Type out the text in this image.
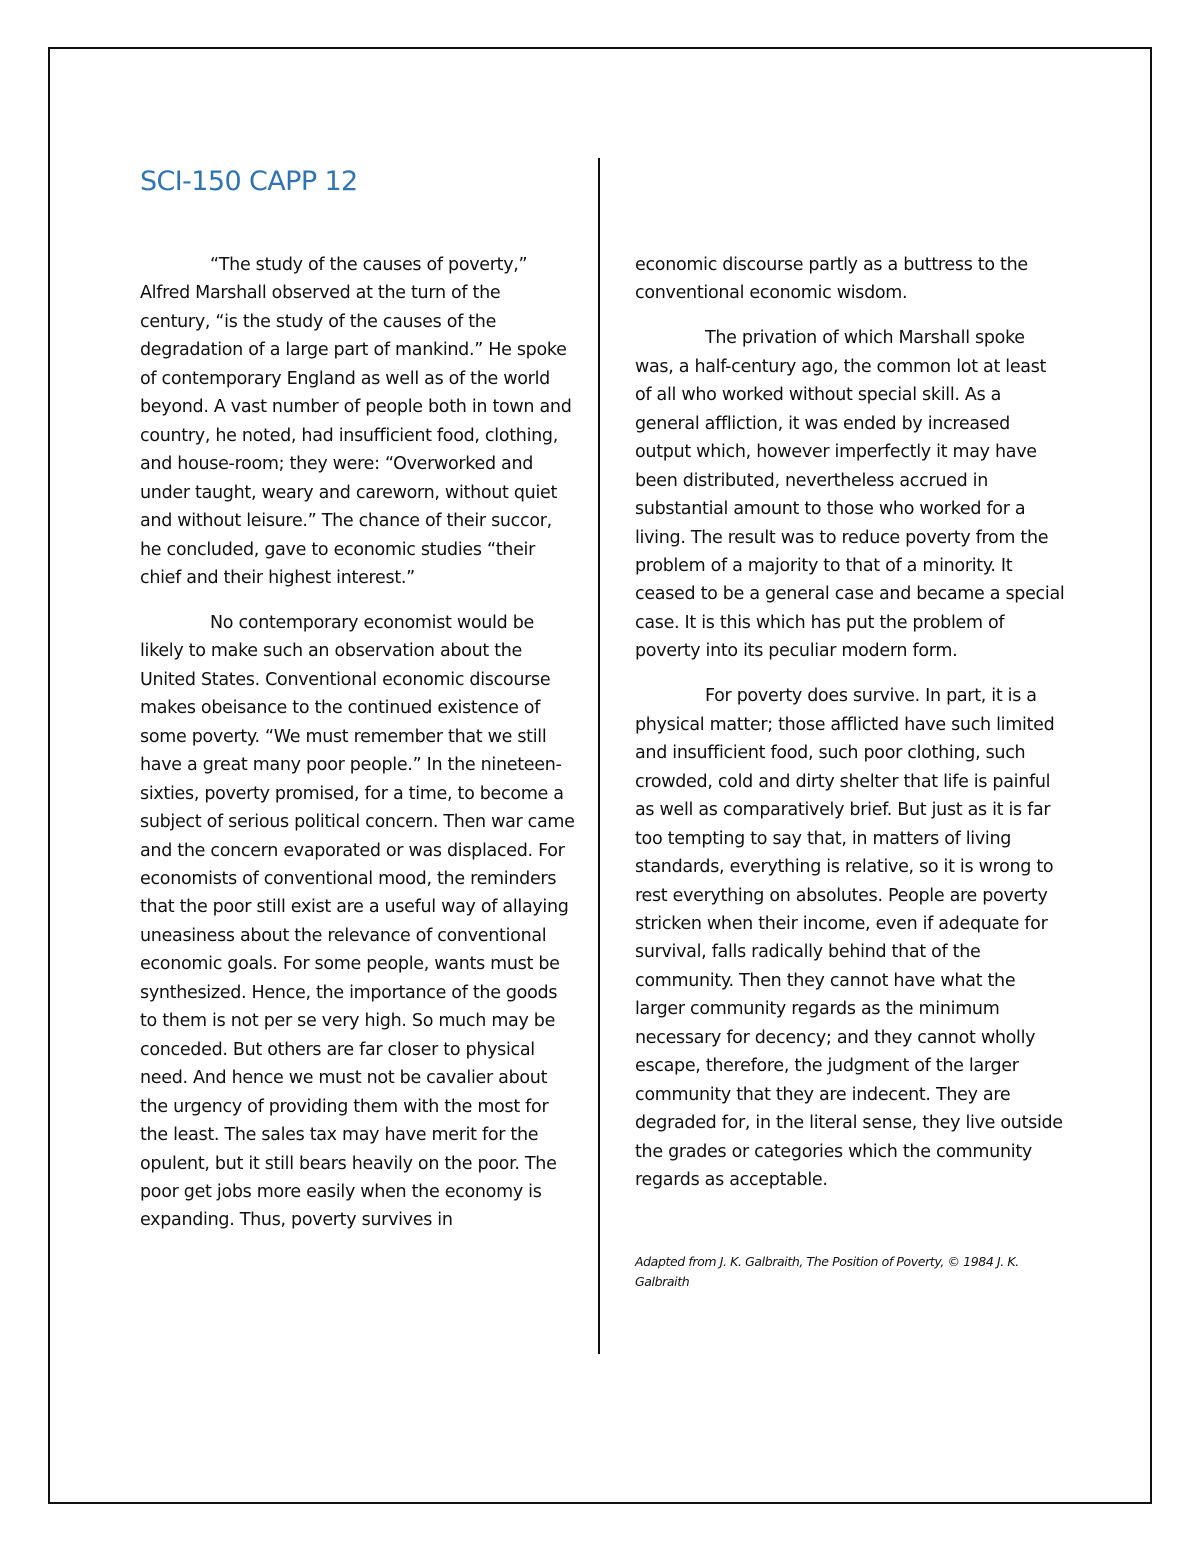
SCI-150 CAPP 12

“The study of the causes of poverty,” Alfred Marshall observed at the turn of the century, “is the study of the causes of the degradation of a large part of mankind.” He spoke of contemporary England as well as of the world beyond. A vast number of people both in town and country, he noted, had insufficient food, clothing, and house-room; they were: “Overworked and under taught, weary and careworn, without quiet and without leisure.” The chance of their succor, he concluded, gave to economic studies “their chief and their highest interest.”

No contemporary economist would be likely to make such an observation about the United States. Conventional economic discourse makes obeisance to the continued existence of some poverty. “We must remember that we still have a great many poor people.” In the nineteen-sixties, poverty promised, for a time, to become a subject of serious political concern. Then war came and the concern evaporated or was displaced. For economists of conventional mood, the reminders that the poor still exist are a useful way of allaying uneasiness about the relevance of conventional economic goals. For some people, wants must be synthesized. Hence, the importance of the goods to them is not per se very high. So much may be conceded. But others are far closer to physical need. And hence we must not be cavalier about the urgency of providing them with the most for the least. The sales tax may have merit for the opulent, but it still bears heavily on the poor. The poor get jobs more easily when the economy is expanding. Thus, poverty survives in

economic discourse partly as a buttress to the conventional economic wisdom.

The privation of which Marshall spoke was, a half-century ago, the common lot at least of all who worked without special skill. As a general affliction, it was ended by increased output which, however imperfectly it may have been distributed, nevertheless accrued in substantial amount to those who worked for a living. The result was to reduce poverty from the problem of a majority to that of a minority. It ceased to be a general case and became a special case. It is this which has put the problem of poverty into its peculiar modern form.

For poverty does survive. In part, it is a physical matter; those afflicted have such limited and insufficient food, such poor clothing, such crowded, cold and dirty shelter that life is painful as well as comparatively brief. But just as it is far too tempting to say that, in matters of living standards, everything is relative, so it is wrong to rest everything on absolutes. People are poverty stricken when their income, even if adequate for survival, falls radically behind that of the community. Then they cannot have what the larger community regards as the minimum necessary for decency; and they cannot wholly escape, therefore, the judgment of the larger community that they are indecent. They are degraded for, in the literal sense, they live outside the grades or categories which the community regards as acceptable.

Adapted from J. K. Galbraith, The Position of Poverty, © 1984 J. K. Galbraith
